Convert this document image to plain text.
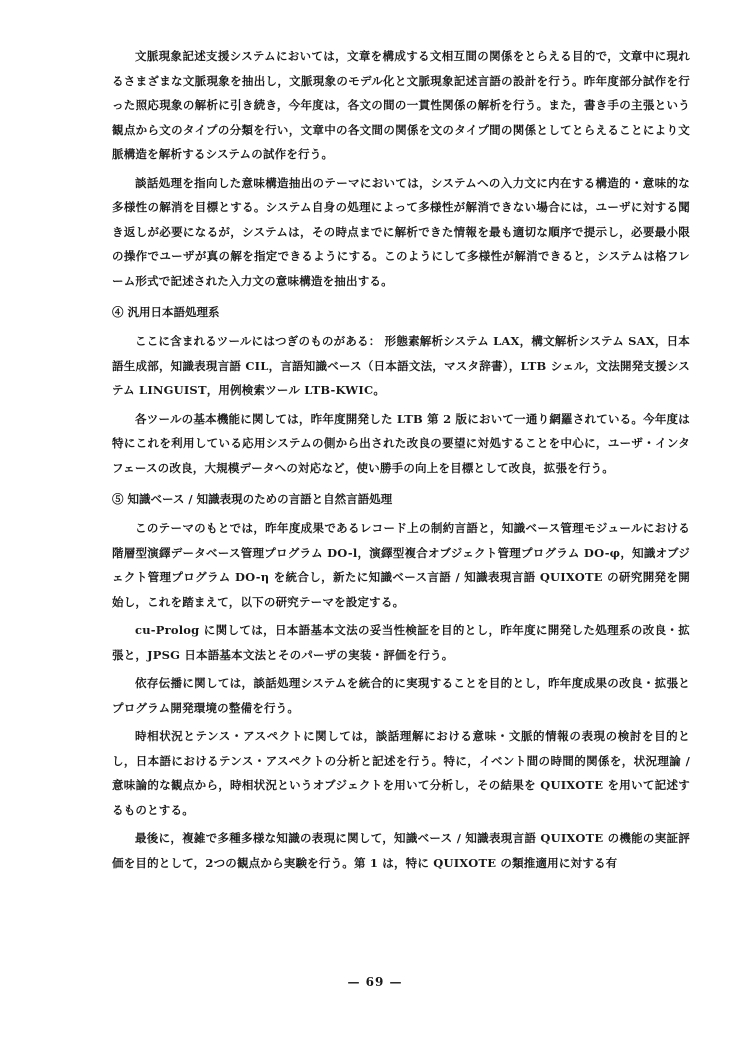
文脈現象記述支援システムにおいては，文章を構成する文相互間の関係をとらえる目的で，文章中に現れるさまざまな文脈現象を抽出し，文脈現象のモデル化と文脈現象記述言語の設計を行う。昨年度部分試作を行った照応現象の解析に引き続き，今年度は，各文の間の一貫性関係の解析を行う。また，書き手の主張という観点から文のタイプの分類を行い，文章中の各文間の関係を文のタイプ間の関係としてとらえることにより文脈構造を解析するシステムの試作を行う。

談話処理を指向した意味構造抽出のテーマにおいては，システムへの入力文に内在する構造的・意味的な多様性の解消を目標とする。システム自身の処理によって多様性が解消できない場合には，ユーザに対する聞き返しが必要になるが，システムは，その時点までに解析できた情報を最も適切な順序で提示し，必要最小限の操作でユーザが真の解を指定できるようにする。このようにして多様性が解消できると，システムは格フレーム形式で記述された入力文の意味構造を抽出する。

④ 汎用日本語処理系

ここに含まれるツールにはつぎのものがある： 形態素解析システム LAX，構文解析システム SAX，日本語生成部，知識表現言語 CIL，言語知識ベース（日本語文法，マスタ辞書），LTB シェル，文法開発支援システム LINGUIST，用例検索ツール LTB-KWIC。

各ツールの基本機能に関しては，昨年度開発した LTB 第 2 版において一通り網羅されている。今年度は特にこれを利用している応用システムの側から出された改良の要望に対処することを中心に，ユーザ・インタフェースの改良，大規模データへの対応など，使い勝手の向上を目標として改良，拡張を行う。

⑤ 知識ベース / 知識表現のための言語と自然言語処理

このテーマのもとでは，昨年度成果であるレコード上の制約言語と，知識ベース管理モジュールにおける階層型演繹データベース管理プログラム DO-l，演繹型複合オブジェクト管理プログラム DO-φ，知識オブジェクト管理プログラム DO-η を統合し，新たに知識ベース言語 / 知識表現言語 QUIXOTE の研究開発を開始し，これを踏まえて，以下の研究テーマを設定する。

cu-Prolog に関しては，日本語基本文法の妥当性検証を目的とし，昨年度に開発した処理系の改良・拡張と，JPSG 日本語基本文法とそのパーザの実装・評価を行う。

依存伝播に関しては，談話処理システムを統合的に実現することを目的とし，昨年度成果の改良・拡張とプログラム開発環境の整備を行う。

時相状況とテンス・アスペクトに関しては，談話理解における意味・文脈的情報の表現の検討を目的とし，日本語におけるテンス・アスペクトの分析と記述を行う。特に，イベント間の時間的関係を，状況理論 / 意味論的な観点から，時相状況というオブジェクトを用いて分析し，その結果を QUIXOTE を用いて記述するものとする。

最後に，複雑で多種多様な知識の表現に関して，知識ベース / 知識表現言語 QUIXOTE の機能の実証評価を目的として，2つの観点から実験を行う。第 1 は，特に QUIXOTE の類推適用に対する有

— 69 —
